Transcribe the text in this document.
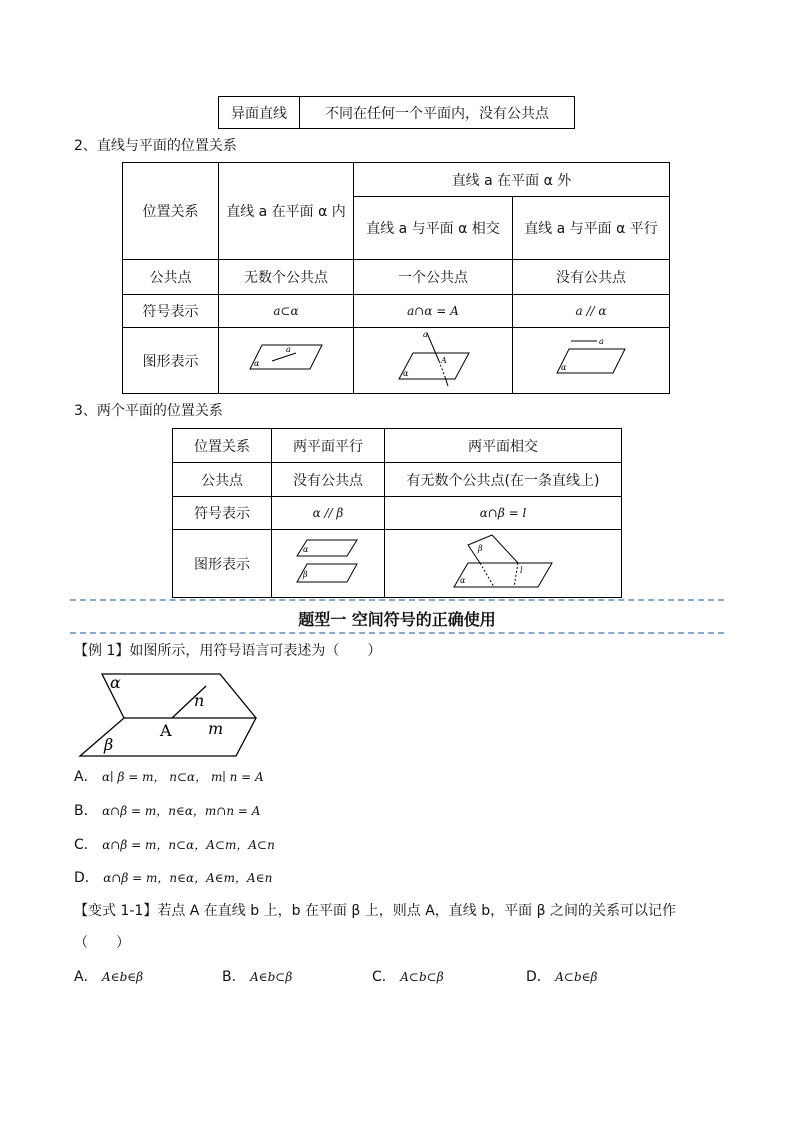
异面直线	不同在任何一个平面内，没有公共点
2、直线与平面的位置关系
位置关系	直线 a 在平面 α 内	直线 a 在平面 α 外	
		直线 a 与平面 α 相交	直线 a 与平面 α 平行
公共点	无数个公共点	一个公共点	没有公共点
符号表示	a⊂α	a∩α = A	a // α
图形表示	a
α	a
A
α	a
α
3、两个平面的位置关系
位置关系	两平面平行	两平面相交
公共点	没有公共点	有无数个公共点(在一条直线上)
符号表示	α // β	α∩β = l
图形表示	α
β	β
α
l
题型一 空间符号的正确使用
【例 1】如图所示，用符号语言可表述为（　　）
α
n
A m
β
A． α∣ β = m， n⊂α， m∣ n = A
B． α∩β = m，n∈α，m∩n = A
C． α∩β = m，n⊂α，A⊂m，A⊂n
D． α∩β = m，n∈α，A∈m，A∈n
【变式 1-1】若点 A 在直线 b 上，b 在平面 β 上，则点 A，直线 b，平面 β 之间的关系可以记作
（　　）
A． A∈b∈β	B． A∈b⊂β	C． A⊂b⊂β	D． A⊂b∈β
